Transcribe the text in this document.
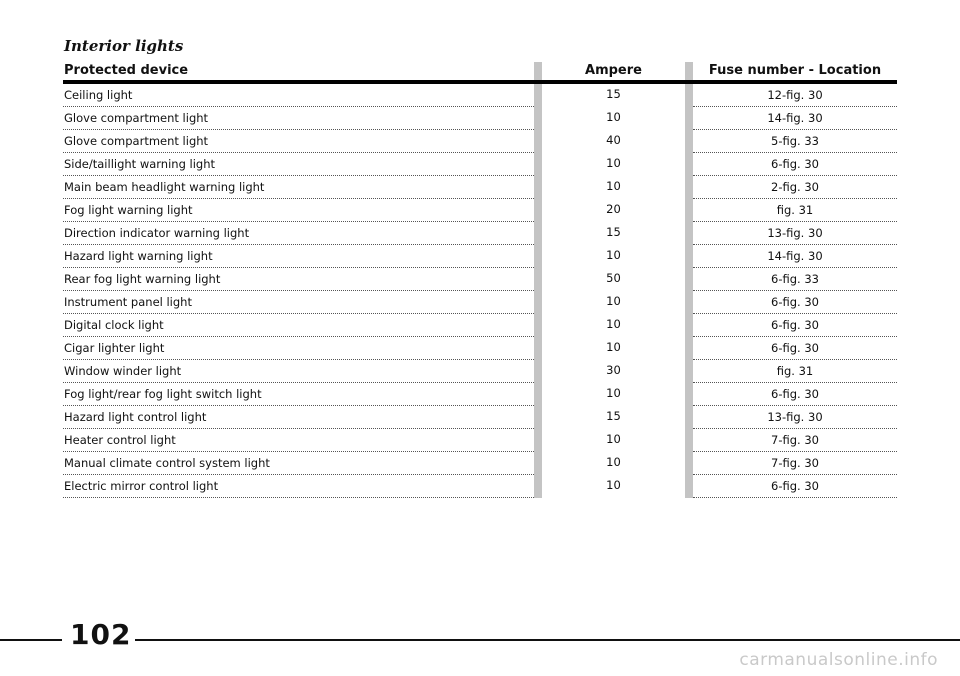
Interior lights
Protected device	Ampere	Fuse number - Location
Ceiling light	15	12-fig. 30
Glove compartment light	10	14-fig. 30
Glove compartment light	40	5-fig. 33
Side/taillight warning light	10	6-fig. 30
Main beam headlight warning light	10	2-fig. 30
Fog light warning light	20	fig. 31
Direction indicator warning light	15	13-fig. 30
Hazard light warning light	10	14-fig. 30
Rear fog light warning light	50	6-fig. 33
Instrument panel light	10	6-fig. 30
Digital clock light	10	6-fig. 30
Cigar lighter light	10	6-fig. 30
Window winder light	30	fig. 31
Fog light/rear fog light switch light	10	6-fig. 30
Hazard light control light	15	13-fig. 30
Heater control light	10	7-fig. 30
Manual climate control system light	10	7-fig. 30
Electric mirror control light	10	6-fig. 30
102
carmanualsonline.info
